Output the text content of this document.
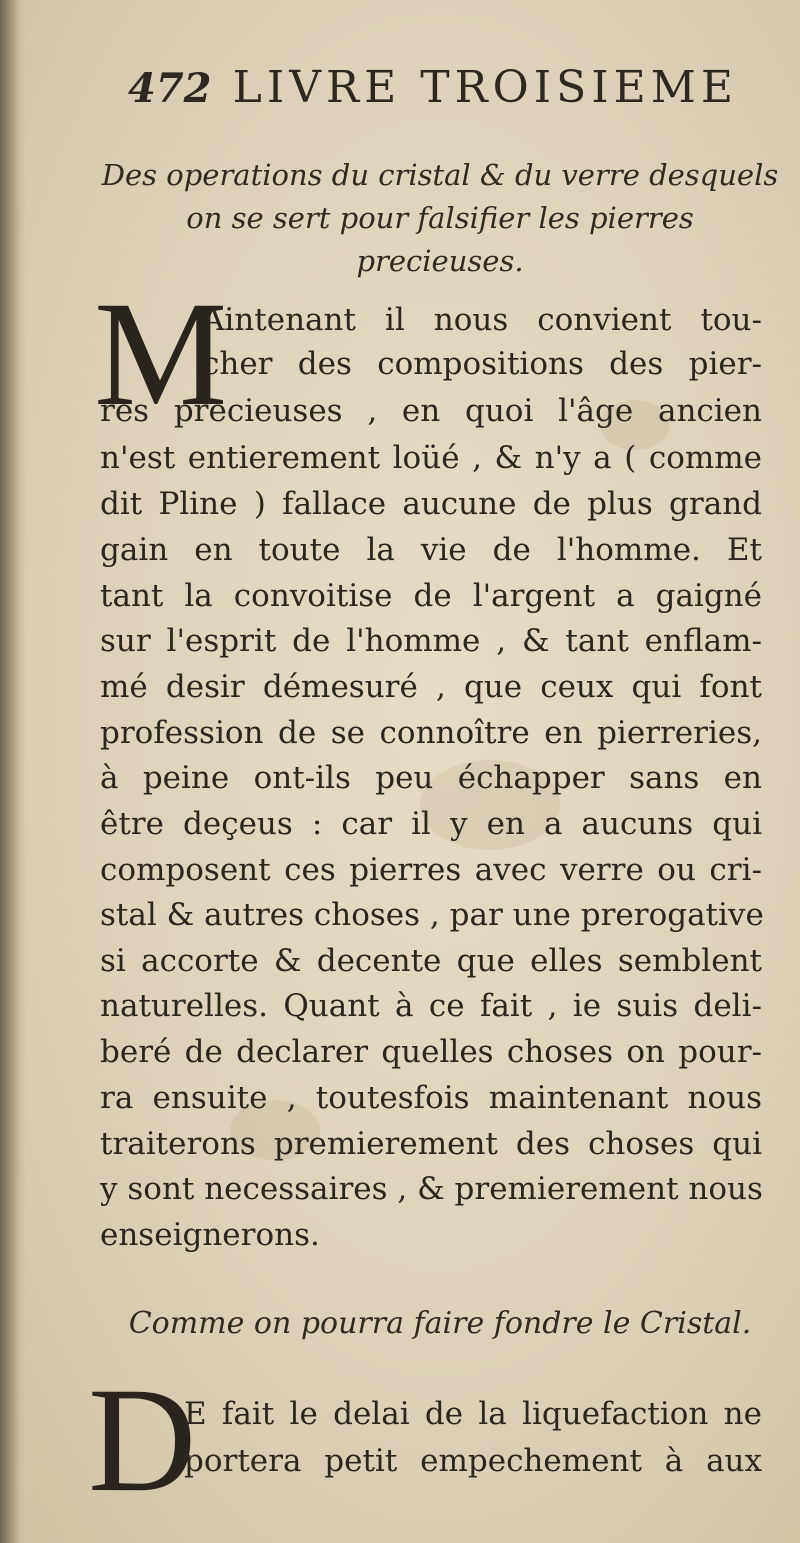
472 LIVRE TROISIEME
Des operations du cristal & du verre desquels
on se sert pour falsifier les pierres precieuses.
M
Aintenant il nous convient tou-
cher des compositions des pier-
res precieuses , en quoi l'âge ancien
n'est entierement loüé , & n'y a ( comme
dit Pline ) fallace aucune de plus grand
gain en toute la vie de l'homme. Et
tant la convoitise de l'argent a gaigné
sur l'esprit de l'homme , & tant enflam-
mé desir démesuré , que ceux qui font
profession de se connoître en pierreries,
à peine ont-ils peu échapper sans en
être deçeus : car il y en a aucuns qui
composent ces pierres avec verre ou cri-
stal & autres choses , par une prerogative
si accorte & decente que elles semblent
naturelles. Quant à ce fait , ie suis deli-
beré de declarer quelles choses on pour-
ra ensuite , toutesfois maintenant nous
traiterons premierement des choses qui
y sont necessaires , & premierement nous
enseignerons.
Comme on pourra faire fondre le Cristal.
D
E fait le delai de la liquefaction ne
portera petit empechement à aux
